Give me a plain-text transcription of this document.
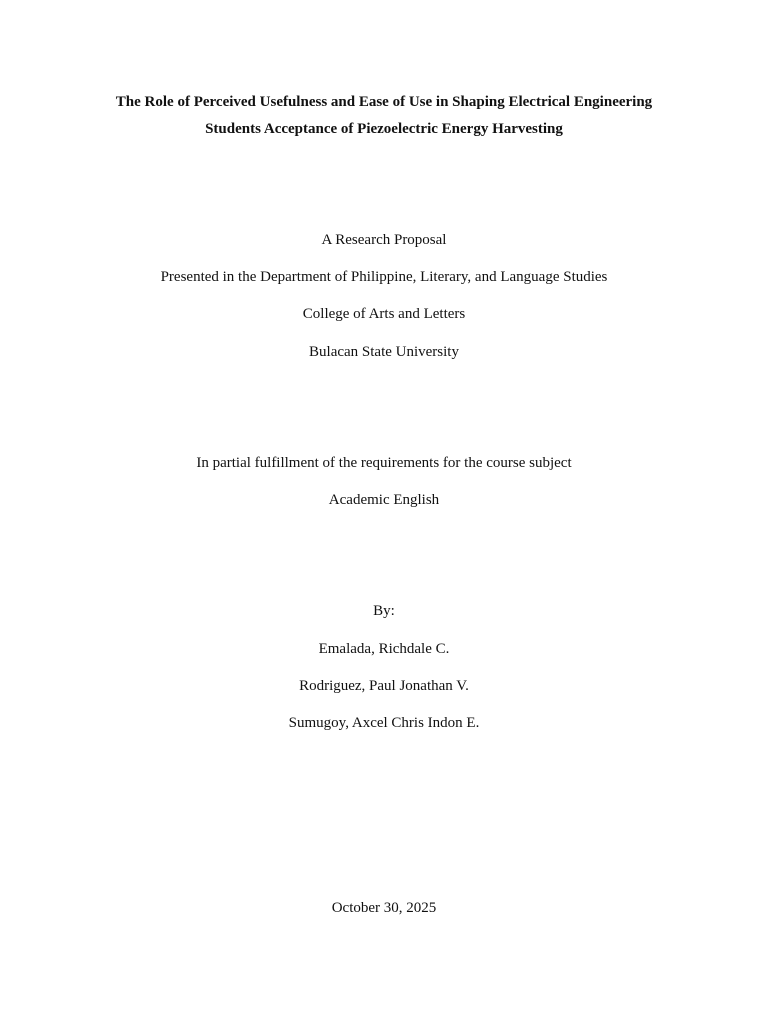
The Role of Perceived Usefulness and Ease of Use in Shaping Electrical Engineering
Students Acceptance of Piezoelectric Energy Harvesting
A Research Proposal
Presented in the Department of Philippine, Literary, and Language Studies
College of Arts and Letters
Bulacan State University
In partial fulfillment of the requirements for the course subject
Academic English
By:
Emalada, Richdale C.
Rodriguez, Paul Jonathan V.
Sumugoy, Axcel Chris Indon E.
October 30, 2025
